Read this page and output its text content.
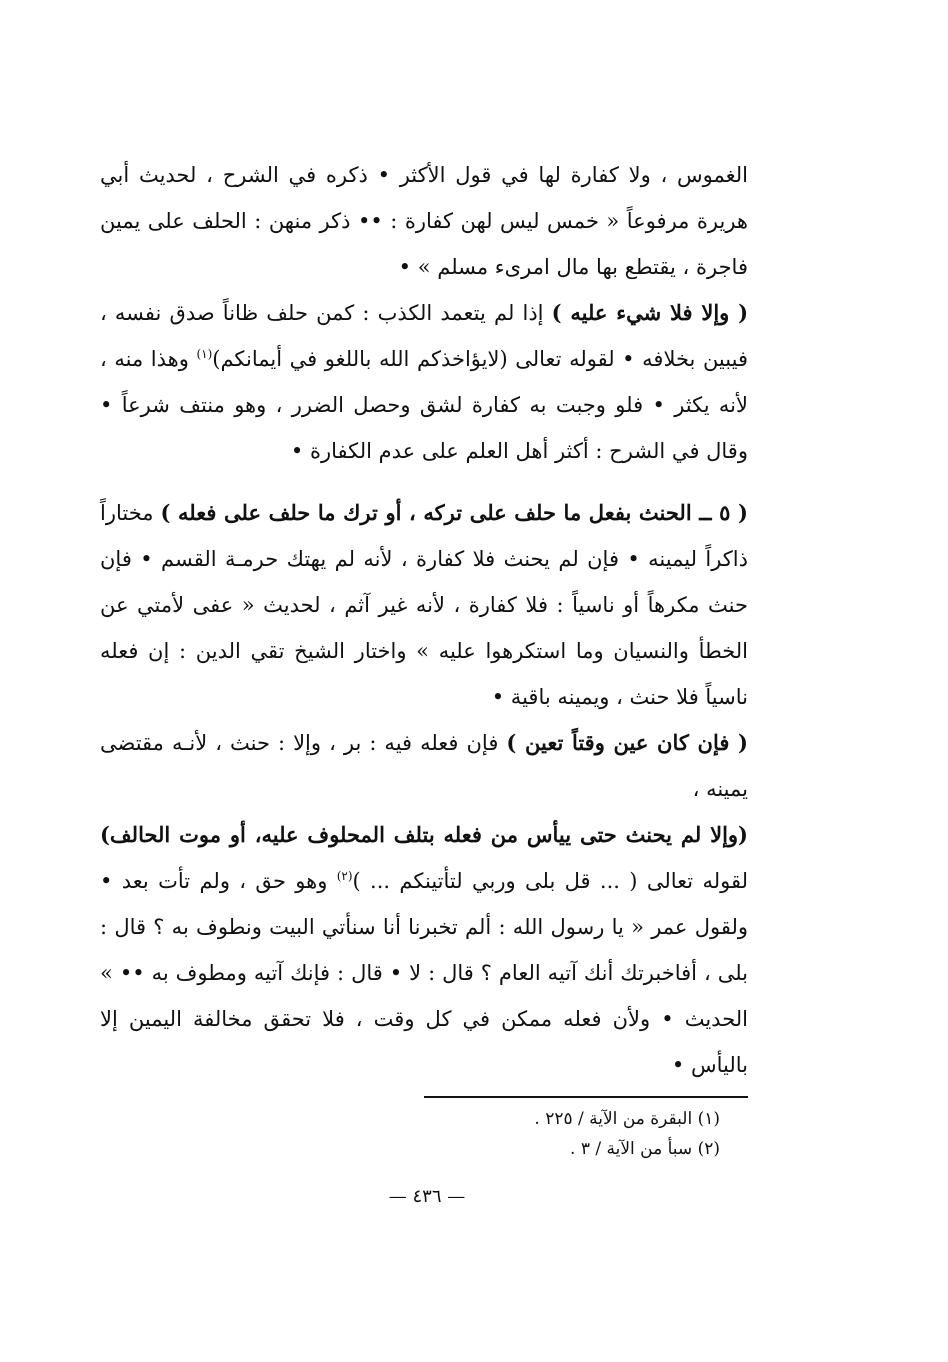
الغموس ، ولا كفارة لها في قول الأكثر • ذكره في الشرح ، لحديث أبي هريرة مرفوعاً « خمس ليس لهن كفارة : •• ذكر منهن : الحلف على يمين فاجرة ، يقتطع بها مال امرىء مسلم » •

( وإلا فلا شيء عليه ) إذا لم يتعمد الكذب : كمن حلف ظاناً صدق نفسه ، فيبين بخلافه • لقوله تعالى (لايؤاخذكم الله باللغو في أيمانكم)$^{(١)}$ وهذا منه ، لأنه يكثر • فلو وجبت به كفارة لشق وحصل الضرر ، وهو منتف شرعاً • وقال في الشرح : أكثر أهل العلم على عدم الكفارة •

( ٥ ــ الحنث بفعل ما حلف على تركه ، أو ترك ما حلف على فعله ) مختاراً ذاكراً ليمينه • فإن لم يحنث فلا كفارة ، لأنه لم يهتك حرمـة القسم • فإن حنث مكرهاً أو ناسياً : فلا كفارة ، لأنه غير آثم ، لحديث « عفى لأمتي عن الخطأ والنسيان وما استكرهوا عليه » واختار الشيخ تقي الدين : إن فعله ناسياً فلا حنث ، ويمينه باقية •

( فإن كان عين وقتاً تعين ) فإن فعله فيه : بر ، وإلا : حنث ، لأنـه مقتضى يمينه ،

(وإلا لم يحنث حتى ييأس من فعله بتلف المحلوف عليه، أو موت الحالف) لقوله تعالى ( ... قل بلى وربي لتأتينكم ... )$^{(٢)}$ وهو حق ، ولم تأت بعد • ولقول عمر « يا رسول الله : ألم تخبرنا أنا سنأتي البيت ونطوف به ؟ قال : بلى ، أفاخبرتك أنك آتيه العام ؟ قال : لا • قال : فإنك آتيه ومطوف به •• » الحديث • ولأن فعله ممكن في كل وقت ، فلا تحقق مخالفة اليمين إلا باليأس •

(١) البقرة من الآية / ٢٢٥ .

(٢) سبأ من الآية / ٣ .

— ٤٣٦ —
